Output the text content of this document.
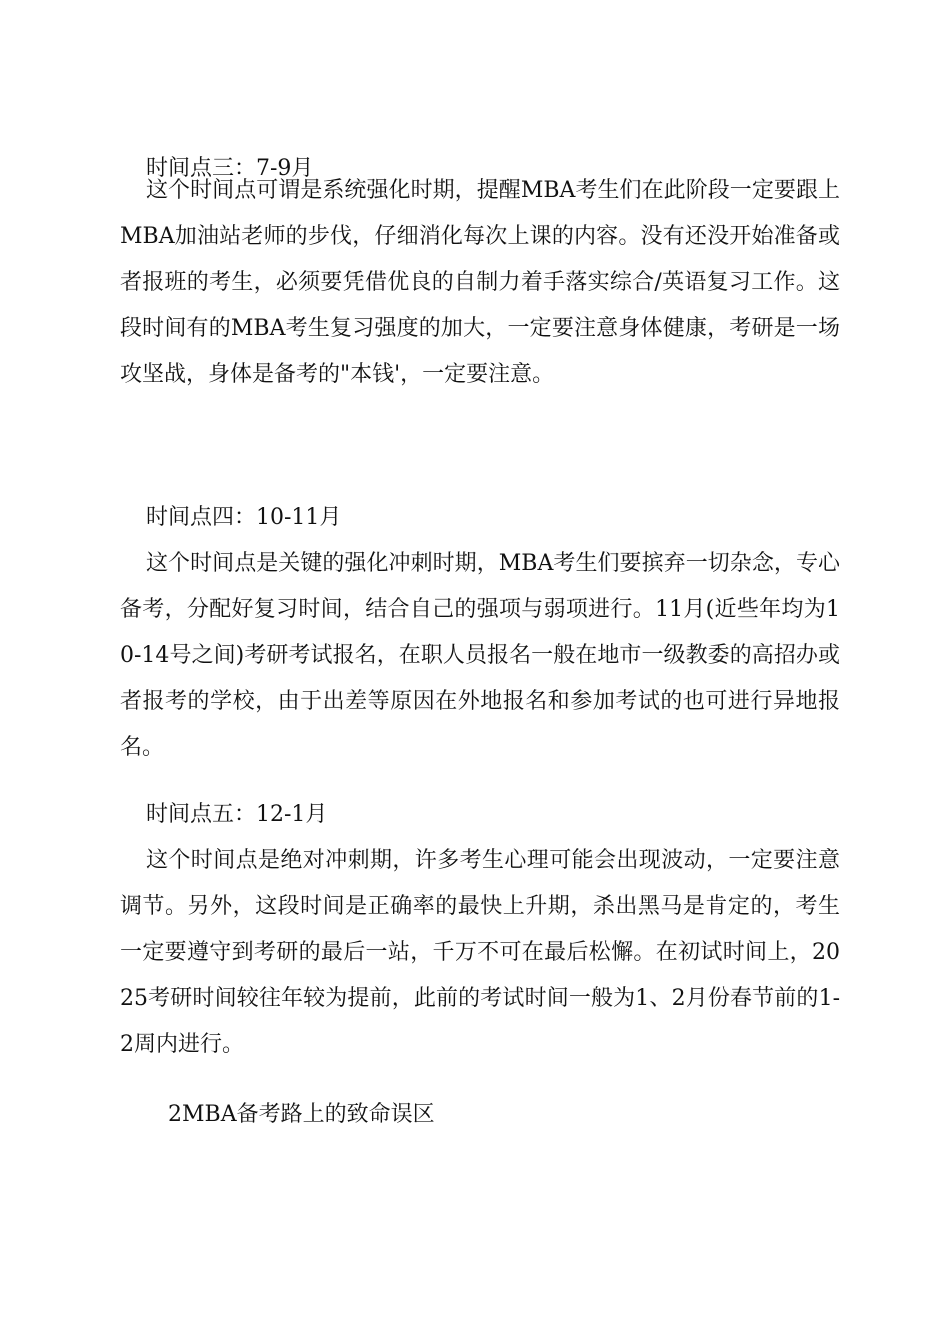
时间点三：7-9月

这个时间点可谓是系统强化时期，提醒MBA考生们在此阶段一定要跟上MBA加油站老师的步伐，仔细消化每次上课的内容。没有还没开始准备或者报班的考生，必须要凭借优良的自制力着手落实综合/英语复习工作。这段时间有的MBA考生复习强度的加大，一定要注意身体健康，考研是一场攻坚战，身体是备考的"本钱'，一定要注意。

时间点四：10-11月

这个时间点是关键的强化冲刺时期，MBA考生们要摈弃一切杂念，专心备考，分配好复习时间，结合自己的强项与弱项进行。11月(近些年均为10-14号之间)考研考试报名，在职人员报名一般在地市一级教委的高招办或者报考的学校，由于出差等原因在外地报名和参加考试的也可进行异地报名。

时间点五：12-1月

这个时间点是绝对冲刺期，许多考生心理可能会出现波动，一定要注意调节。另外，这段时间是正确率的最快上升期，杀出黑马是肯定的，考生一定要遵守到考研的最后一站，千万不可在最后松懈。在初试时间上，2025考研时间较往年较为提前，此前的考试时间一般为1、2月份春节前的1-2周内进行。

2MBA备考路上的致命误区
